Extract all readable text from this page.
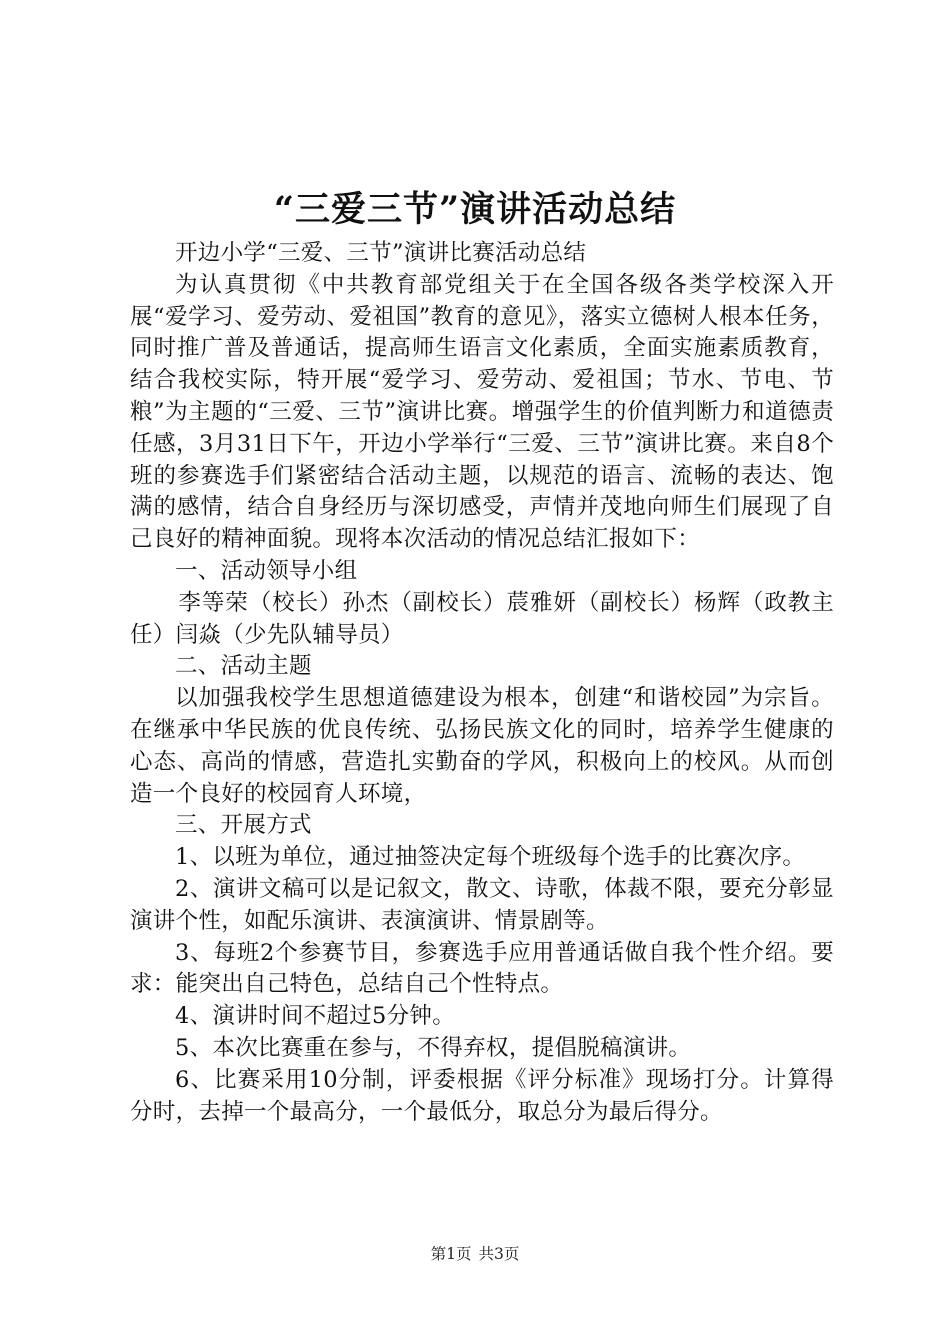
“三爱三节”演讲活动总结

开边小学“三爱、三节”演讲比赛活动总结

为认真贯彻《中共教育部党组关于在全国各级各类学校深入开展“爱学习、爱劳动、爱祖国”教育的意见》，落实立德树人根本任务，同时推广普及普通话，提高师生语言文化素质，全面实施素质教育，结合我校实际，特开展“爱学习、爱劳动、爱祖国；节水、节电、节粮”为主题的“三爱、三节”演讲比赛。增强学生的价值判断力和道德责任感，3月31日下午，开边小学举行“三爱、三节”演讲比赛。来自8个班的参赛选手们紧密结合活动主题，以规范的语言、流畅的表达、饱满的感情，结合自身经历与深切感受，声情并茂地向师生们展现了自己良好的精神面貌。现将本次活动的情况总结汇报如下：

一、活动领导小组

李等荣（校长）孙杰（副校长）莀雅妍（副校长）杨辉（政教主任）闫焱（少先队辅导员）

二、活动主题

以加强我校学生思想道德建设为根本，创建“和谐校园”为宗旨。在继承中华民族的优良传统、弘扬民族文化的同时，培养学生健康的心态、高尚的情感，营造扎实勤奋的学风，积极向上的校风。从而创造一个良好的校园育人环境，

三、开展方式

1、以班为单位，通过抽签决定每个班级每个选手的比赛次序。

2、演讲文稿可以是记叙文，散文、诗歌，体裁不限，要充分彰显演讲个性，如配乐演讲、表演演讲、情景剧等。

3、每班2个参赛节目，参赛选手应用普通话做自我个性介绍。要求：能突出自己特色，总结自己个性特点。

4、演讲时间不超过5分钟。

5、本次比赛重在参与，不得弃权，提倡脱稿演讲。

6、比赛采用10分制，评委根据《评分标准》现场打分。计算得分时，去掉一个最高分，一个最低分，取总分为最后得分。

第1页 共3页
